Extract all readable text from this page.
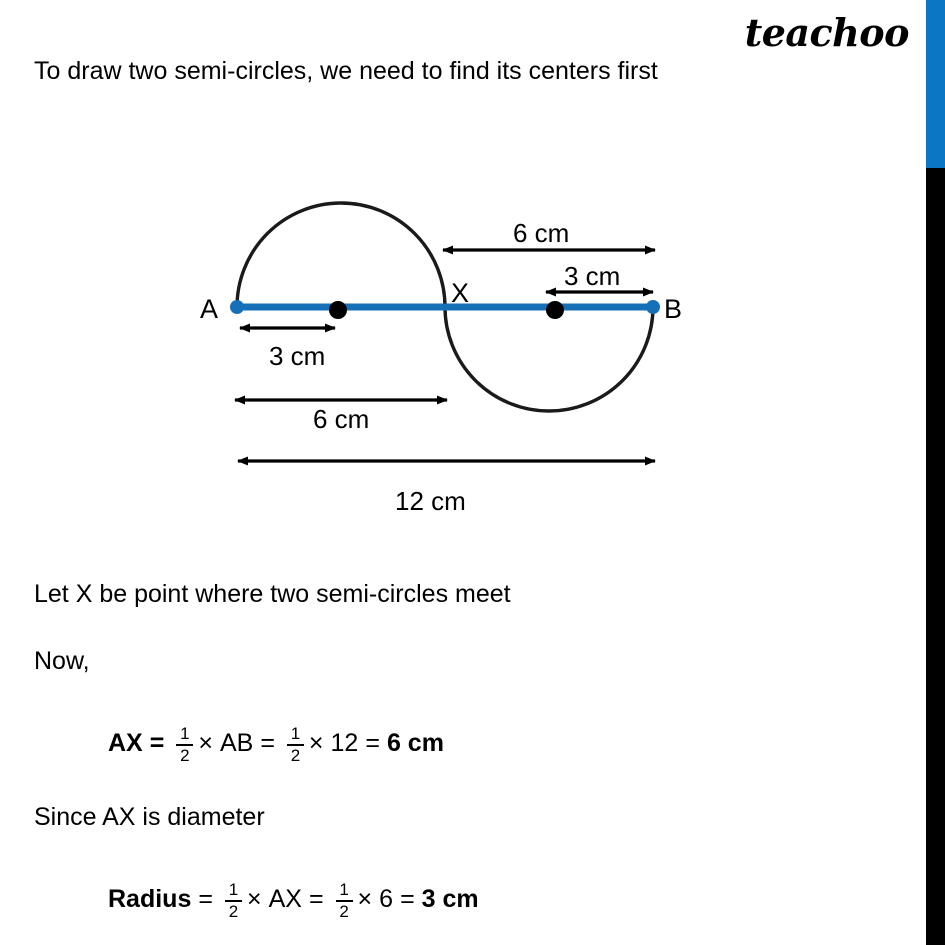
teachoo
To draw two semi-circles, we need to find its centers first
A
X
B
3 cm
6 cm
12 cm
6 cm
3 cm
Let X be point where two semi-circles meet
Now,
AX = $\frac{1}{2}$ × AB = $\frac{1}{2} \times 12 = 6$ cm
Since AX is diameter
Radius = $\frac{1}{2}$ × AX = $\frac{1}{2} \times 6 = 3$ cm
